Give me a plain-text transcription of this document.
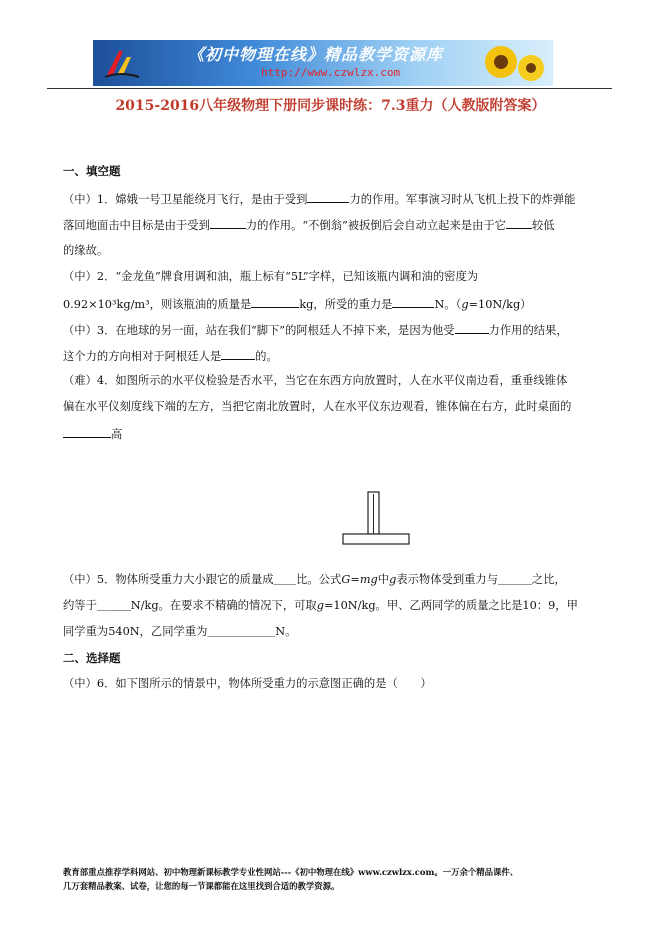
《初中物理在线》精品教学资源库
http://www.czwlzx.com
2015-2016八年级物理下册同步课时练：7.3重力（人教版附答案）
一、填空题
（中）1．嫦娥一号卫星能绕月飞行，是由于受到	力的作用。军事演习时从飞机上投下的炸弹能
落回地面击中目标是由于受到	力的作用。“不倒翁”被扳倒后会自动立起来是由于它 较低
的缘故。
（中）2．“金龙鱼”牌食用调和油，瓶上标有“5L”字样，已知该瓶内调和油的密度为
0.92×10³kg/m³，则该瓶油的质量是	kg，所受的重力是	N。（g=10N/kg）
（中）3．在地球的另一面，站在我们“脚下”的阿根廷人不掉下来，是因为他受	力作用的结果，
这个力的方向相对于阿根廷人是	的。
（难）4．如图所示的水平仪检验是否水平，当它在东西方向放置时，人在水平仪南边看，重垂线锥体
偏在水平仪刻度线下端的左方，当把它南北放置时，人在水平仪东边观看，锥体偏在右方，此时桌面的
高
（中）5．物体所受重力大小跟它的质量成＿＿比。公式G=mg中g表示物体受到重力与＿＿＿之比，
约等于＿＿＿N/kg。在要求不精确的情况下，可取g=10N/kg。甲、乙两同学的质量之比是10：9，甲
同学重为540N，乙同学重为＿＿＿＿＿＿N。
二、选择题
（中）6．如下图所示的情景中，物体所受重力的示意图正确的是（　　）
教育部重点推荐学科网站、初中物理新课标教学专业性网站---《初中物理在线》www.czwlzx.com。一万余个精品课件、
几万套精品教案、试卷，让您的每一节课都能在这里找到合适的教学资源。
